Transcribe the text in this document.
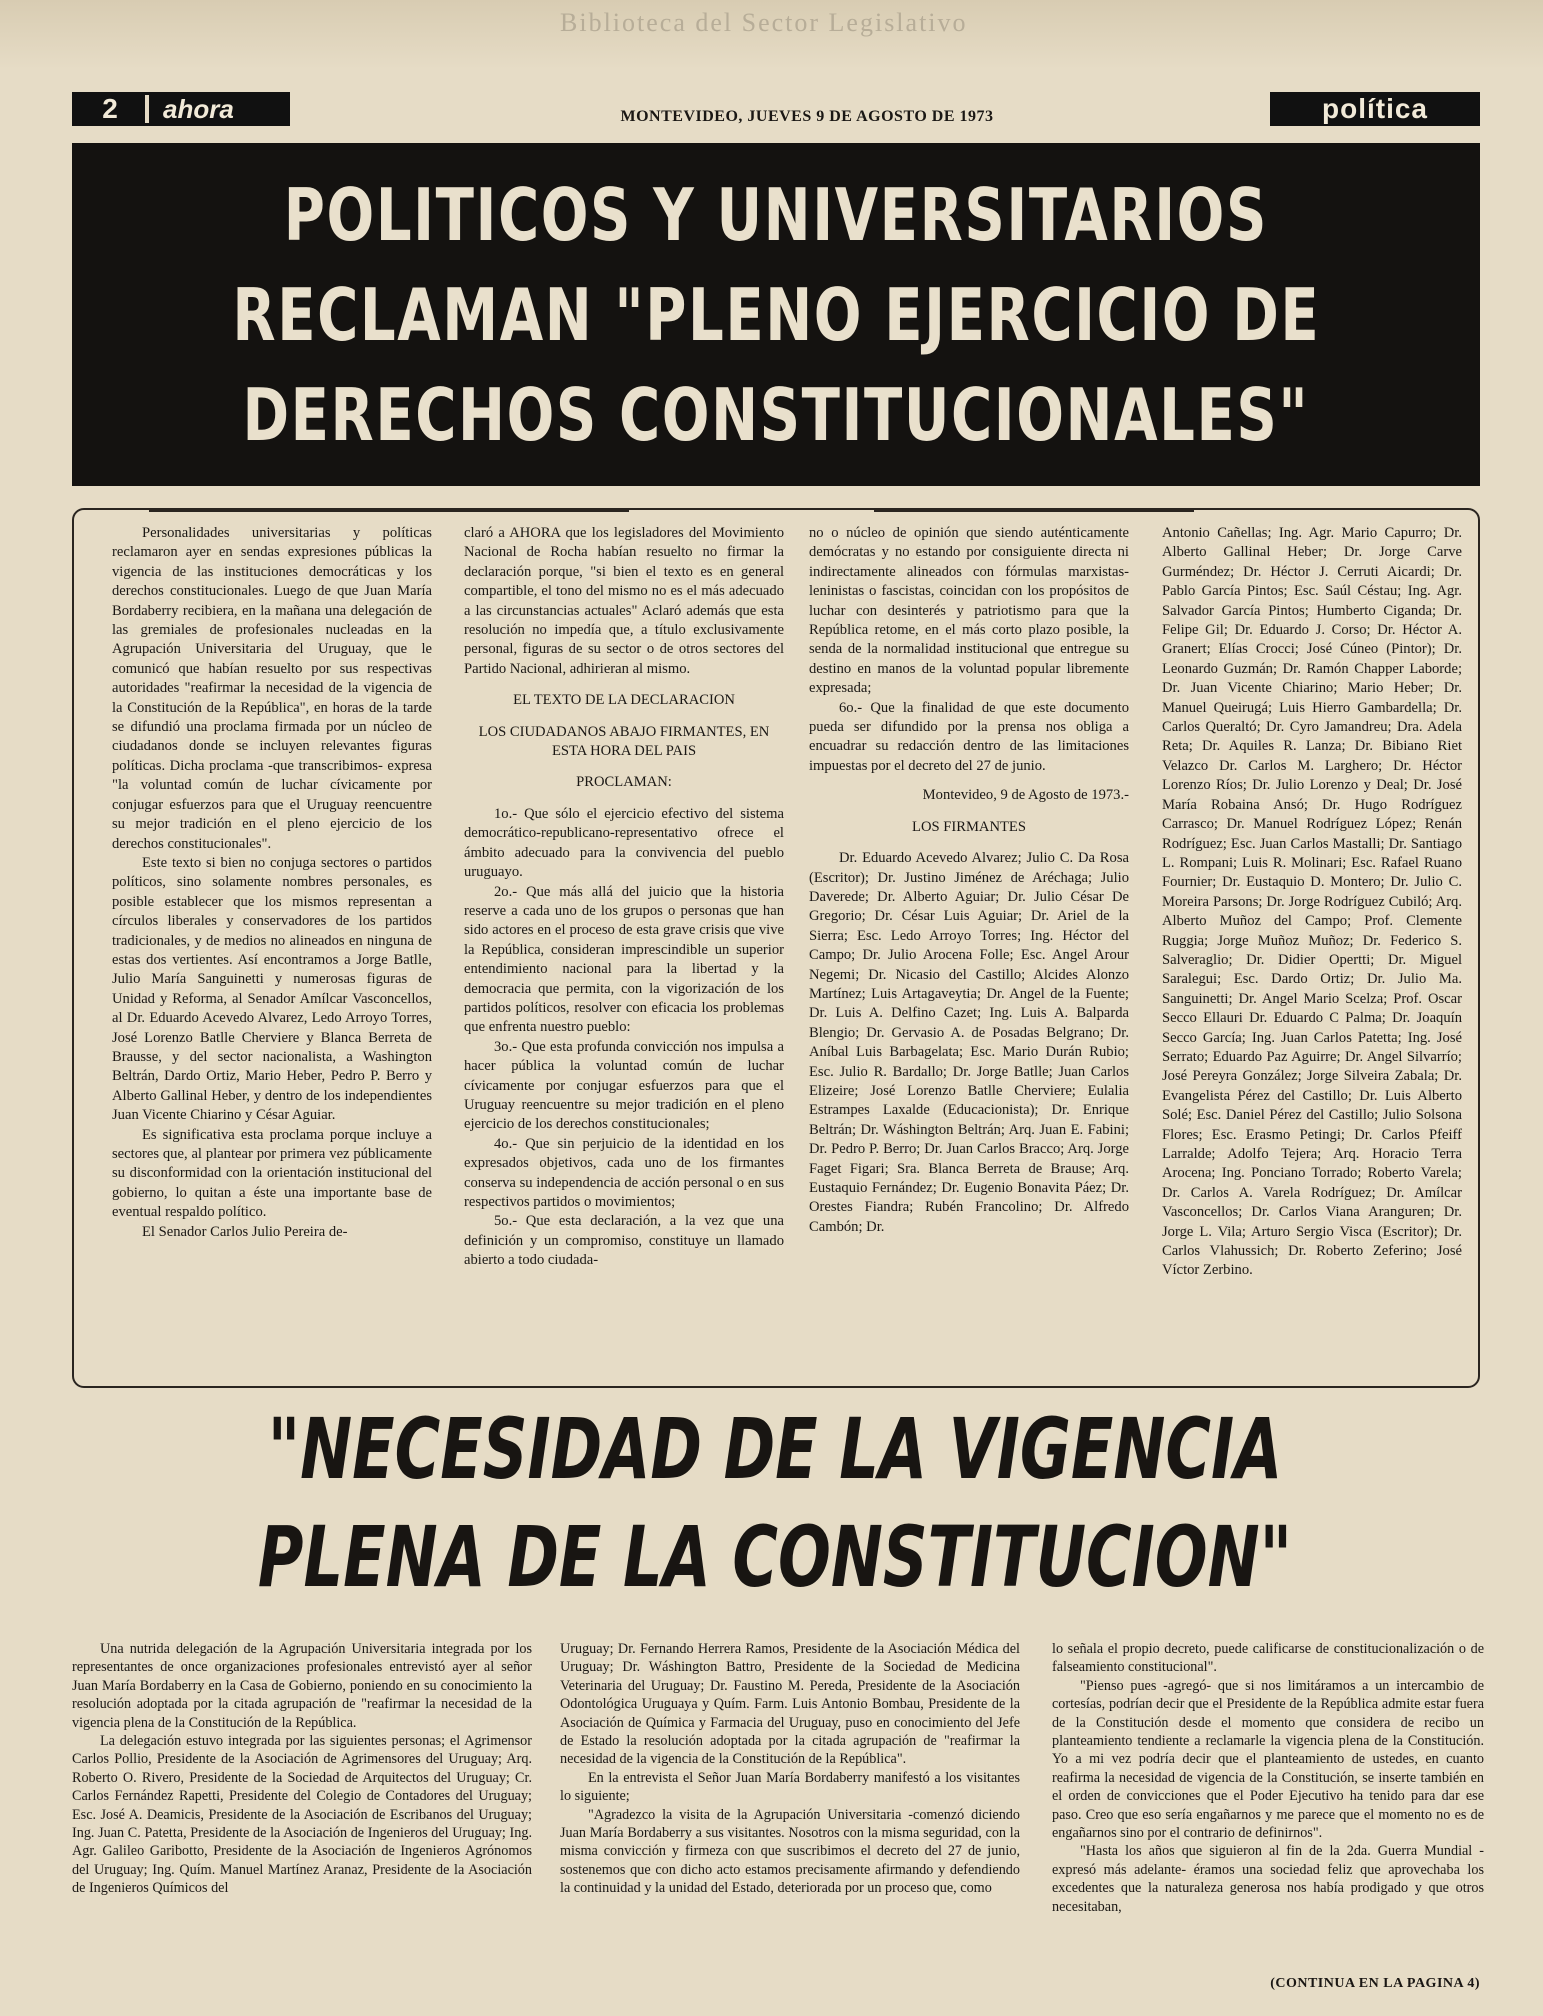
Biblioteca del Sector Legislativo
2	ahora	MONTEVIDEO, JUEVES 9 DE AGOSTO DE 1973	política
POLITICOS Y UNIVERSITARIOS
RECLAMAN "PLENO EJERCICIO DE
DERECHOS CONSTITUCIONALES"

Personalidades universitarias y políticas reclamaron ayer en sendas expresiones públicas la vigencia de las instituciones democráticas y los derechos constitucionales. Luego de que Juan María Bordaberry recibiera, en la mañana una delegación de las gremiales de profesionales nucleadas en la Agrupación Universitaria del Uruguay, que le comunicó que habían resuelto por sus respectivas autoridades "reafirmar la necesidad de la vigencia de la Constitución de la República", en horas de la tarde se difundió una proclama firmada por un núcleo de ciudadanos donde se incluyen relevantes figuras políticas. Dicha proclama -que transcribimos- expresa "la voluntad común de luchar cívicamente por conjugar esfuerzos para que el Uruguay reencuentre su mejor tradición en el pleno ejercicio de los derechos constitucionales".

Este texto si bien no conjuga sectores o partidos políticos, sino solamente nombres personales, es posible establecer que los mismos representan a círculos liberales y conservadores de los partidos tradicionales, y de medios no alineados en ninguna de estas dos vertientes. Así encontramos a Jorge Batlle, Julio María Sanguinetti y numerosas figuras de Unidad y Reforma, al Senador Amílcar Vasconcellos, al Dr. Eduardo Acevedo Alvarez, Ledo Arroyo Torres, José Lorenzo Batlle Cherviere y Blanca Berreta de Brausse, y del sector nacionalista, a Washington Beltrán, Dardo Ortiz, Mario Heber, Pedro P. Berro y Alberto Gallinal Heber, y dentro de los independientes Juan Vicente Chiarino y César Aguiar.

Es significativa esta proclama porque incluye a sectores que, al plantear por primera vez públicamente su disconformidad con la orientación institucional del gobierno, lo quitan a éste una importante base de eventual respaldo político.

El Senador Carlos Julio Pereira de-

claró a AHORA que los legisladores del Movimiento Nacional de Rocha habían resuelto no firmar la declaración porque, "si bien el texto es en general compartible, el tono del mismo no es el más adecuado a las circunstancias actuales" Aclaró además que esta resolución no impedía que, a título exclusivamente personal, figuras de su sector o de otros sectores del Partido Nacional, adhirieran al mismo.

EL TEXTO DE LA DECLARACION

LOS CIUDADANOS ABAJO FIRMANTES, EN ESTA HORA DEL PAIS

PROCLAMAN:

1o.- Que sólo el ejercicio efectivo del sistema democrático-republicano-representativo ofrece el ámbito adecuado para la convivencia del pueblo uruguayo.

2o.- Que más allá del juicio que la historia reserve a cada uno de los grupos o personas que han sido actores en el proceso de esta grave crisis que vive la República, consideran imprescindible un superior entendimiento nacional para la libertad y la democracia que permita, con la vigorización de los partidos políticos, resolver con eficacia los problemas que enfrenta nuestro pueblo:

3o.- Que esta profunda convicción nos impulsa a hacer pública la voluntad común de luchar cívicamente por conjugar esfuerzos para que el Uruguay reencuentre su mejor tradición en el pleno ejercicio de los derechos constitucionales;

4o.- Que sin perjuicio de la identidad en los expresados objetivos, cada uno de los firmantes conserva su independencia de acción personal o en sus respectivos partidos o movimientos;

5o.- Que esta declaración, a la vez que una definición y un compromiso, constituye un llamado abierto a todo ciudada-

no o núcleo de opinión que siendo auténticamente demócratas y no estando por consiguiente directa ni indirectamente alineados con fórmulas marxistas-leninistas o fascistas, coincidan con los propósitos de luchar con desinterés y patriotismo para que la República retome, en el más corto plazo posible, la senda de la normalidad institucional que entregue su destino en manos de la voluntad popular libremente expresada;

6o.- Que la finalidad de que este documento pueda ser difundido por la prensa nos obliga a encuadrar su redacción dentro de las limitaciones impuestas por el decreto del 27 de junio.

Montevideo, 9 de Agosto de 1973.-

LOS FIRMANTES

Dr. Eduardo Acevedo Alvarez; Julio C. Da Rosa (Escritor); Dr. Justino Jiménez de Aréchaga; Julio Daverede; Dr. Alberto Aguiar; Dr. Julio César De Gregorio; Dr. César Luis Aguiar; Dr. Ariel de la Sierra; Esc. Ledo Arroyo Torres; Ing. Héctor del Campo; Dr. Julio Arocena Folle; Esc. Angel Arour Negemi; Dr. Nicasio del Castillo; Alcides Alonzo Martínez; Luis Artagaveytia; Dr. Angel de la Fuente; Dr. Luis A. Delfino Cazet; Ing. Luis A. Balparda Blengio; Dr. Gervasio A. de Posadas Belgrano; Dr. Aníbal Luis Barbagelata; Esc. Mario Durán Rubio; Esc. Julio R. Bardallo; Dr. Jorge Batlle; Juan Carlos Elizeire; José Lorenzo Batlle Cherviere; Eulalia Estrampes Laxalde (Educacionista); Dr. Enrique Beltrán; Dr. Wáshington Beltrán; Arq. Juan E. Fabini; Dr. Pedro P. Berro; Dr. Juan Carlos Bracco; Arq. Jorge Faget Figari; Sra. Blanca Berreta de Brause; Arq. Eustaquio Fernández; Dr. Eugenio Bonavita Páez; Dr. Orestes Fiandra; Rubén Francolino; Dr. Alfredo Cambón; Dr.

Antonio Cañellas; Ing. Agr. Mario Capurro; Dr. Alberto Gallinal Heber; Dr. Jorge Carve Gurméndez; Dr. Héctor J. Cerruti Aicardi; Dr. Pablo García Pintos; Esc. Saúl Céstau; Ing. Agr. Salvador García Pintos; Humberto Ciganda; Dr. Felipe Gil; Dr. Eduardo J. Corso; Dr. Héctor A. Granert; Elías Crocci; José Cúneo (Pintor); Dr. Leonardo Guzmán; Dr. Ramón Chapper Laborde; Dr. Juan Vicente Chiarino; Mario Heber; Dr. Manuel Queirugá; Luis Hierro Gambardella; Dr. Carlos Queraltó; Dr. Cyro Jamandreu; Dra. Adela Reta; Dr. Aquiles R. Lanza; Dr. Bibiano Riet Velazco Dr. Carlos M. Larghero; Dr. Héctor Lorenzo Ríos; Dr. Julio Lorenzo y Deal; Dr. José María Robaina Ansó; Dr. Hugo Rodríguez Carrasco; Dr. Manuel Rodríguez López; Renán Rodríguez; Esc. Juan Carlos Mastalli; Dr. Santiago L. Rompani; Luis R. Molinari; Esc. Rafael Ruano Fournier; Dr. Eustaquio D. Montero; Dr. Julio C. Moreira Parsons; Dr. Jorge Rodríguez Cubiló; Arq. Alberto Muñoz del Campo; Prof. Clemente Ruggia; Jorge Muñoz Muñoz; Dr. Federico S. Salveraglio; Dr. Didier Opertti; Dr. Miguel Saralegui; Esc. Dardo Ortiz; Dr. Julio Ma. Sanguinetti; Dr. Angel Mario Scelza; Prof. Oscar Secco Ellauri Dr. Eduardo C Palma; Dr. Joaquín Secco García; Ing. Juan Carlos Patetta; Ing. José Serrato; Eduardo Paz Aguirre; Dr. Angel Silvarrío; José Pereyra González; Jorge Silveira Zabala; Dr. Evangelista Pérez del Castillo; Dr. Luis Alberto Solé; Esc. Daniel Pérez del Castillo; Julio Solsona Flores; Esc. Erasmo Petingi; Dr. Carlos Pfeiff Larralde; Adolfo Tejera; Arq. Horacio Terra Arocena; Ing. Ponciano Torrado; Roberto Varela; Dr. Carlos A. Varela Rodríguez; Dr. Amílcar Vasconcellos; Dr. Carlos Viana Aranguren; Dr. Jorge L. Vila; Arturo Sergio Visca (Escritor); Dr. Carlos Vlahussich; Dr. Roberto Zeferino; José Víctor Zerbino.

"NECESIDAD DE LA VIGENCIA
PLENA DE LA CONSTITUCION"

Una nutrida delegación de la Agrupación Universitaria integrada por los representantes de once organizaciones profesionales entrevistó ayer al señor Juan María Bordaberry en la Casa de Gobierno, poniendo en su conocimiento la resolución adoptada por la citada agrupación de "reafirmar la necesidad de la vigencia plena de la Constitución de la República.

La delegación estuvo integrada por las siguientes personas; el Agrimensor Carlos Pollio, Presidente de la Asociación de Agrimensores del Uruguay; Arq. Roberto O. Rivero, Presidente de la Sociedad de Arquitectos del Uruguay; Cr. Carlos Fernández Rapetti, Presidente del Colegio de Contadores del Uruguay; Esc. José A. Deamicis, Presidente de la Asociación de Escribanos del Uruguay; Ing. Juan C. Patetta, Presidente de la Asociación de Ingenieros del Uruguay; Ing. Agr. Galileo Garibotto, Presidente de la Asociación de Ingenieros Agrónomos del Uruguay; Ing. Quím. Manuel Martínez Aranaz, Presidente de la Asociación de Ingenieros Químicos del

Uruguay; Dr. Fernando Herrera Ramos, Presidente de la Asociación Médica del Uruguay; Dr. Wáshington Battro, Presidente de la Sociedad de Medicina Veterinaria del Uruguay; Dr. Faustino M. Pereda, Presidente de la Asociación Odontológica Uruguaya y Quím. Farm. Luis Antonio Bombau, Presidente de la Asociación de Química y Farmacia del Uruguay, puso en conocimiento del Jefe de Estado la resolución adoptada por la citada agrupación de "reafirmar la necesidad de la vigencia de la Constitución de la República".

En la entrevista el Señor Juan María Bordaberry manifestó a los visitantes lo siguiente;

"Agradezco la visita de la Agrupación Universitaria -comenzó diciendo Juan María Bordaberry a sus visitantes. Nosotros con la misma seguridad, con la misma convicción y firmeza con que suscribimos el decreto del 27 de junio, sostenemos que con dicho acto estamos precisamente afirmando y defendiendo la continuidad y la unidad del Estado, deteriorada por un proceso que, como

lo señala el propio decreto, puede calificarse de constitucionalización o de falseamiento constitucional".

"Pienso pues -agregó- que si nos limitáramos a un intercambio de cortesías, podrían decir que el Presidente de la República admite estar fuera de la Constitución desde el momento que considera de recibo un planteamiento tendiente a reclamarle la vigencia plena de la Constitución. Yo a mi vez podría decir que el planteamiento de ustedes, en cuanto reafirma la necesidad de vigencia de la Constitución, se inserte también en el orden de convicciones que el Poder Ejecutivo ha tenido para dar ese paso. Creo que eso sería engañarnos y me parece que el momento no es de engañarnos sino por el contrario de definirnos".

"Hasta los años que siguieron al fin de la 2da. Guerra Mundial -expresó más adelante- éramos una sociedad feliz que aprovechaba los excedentes que la naturaleza generosa nos había prodigado y que otros necesitaban,

(CONTINUA EN LA PAGINA 4)
